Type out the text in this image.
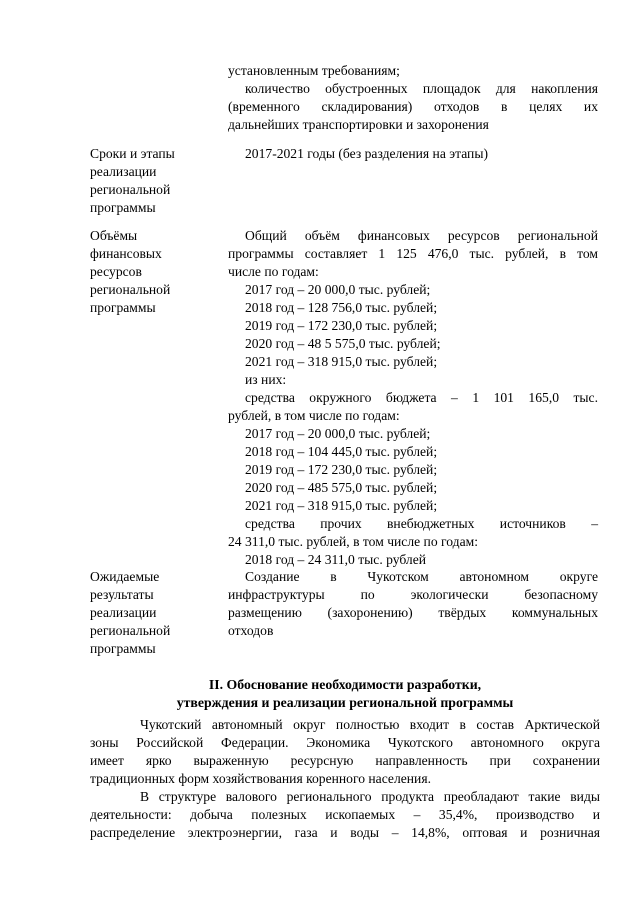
установленным требованиям;
количество обустроенных площадок для накопления
(временного складирования) отходов в целях их
дальнейших транспортировки и захоронения
Сроки и этапы
реализации
региональной
программы
2017-2021 годы (без разделения на этапы)
Объёмы
финансовых
ресурсов
региональной
программы
Общий объём финансовых ресурсов региональной
программы составляет 1 125 476,0 тыс. рублей, в том
числе по годам:
2017 год – 20 000,0 тыс. рублей;
2018 год – 128 756,0 тыс. рублей;
2019 год – 172 230,0 тыс. рублей;
2020 год – 48 5 575,0 тыс. рублей;
2021 год – 318 915,0 тыс. рублей;
из них:
средства окружного бюджета – 1 101 165,0 тыс.
рублей, в том числе по годам:
2017 год – 20 000,0 тыс. рублей;
2018 год – 104 445,0 тыс. рублей;
2019 год – 172 230,0 тыс. рублей;
2020 год – 485 575,0 тыс. рублей;
2021 год – 318 915,0 тыс. рублей;
средства прочих внебюджетных источников –
24 311,0 тыс. рублей, в том числе по годам:
2018 год – 24 311,0 тыс. рублей
Ожидаемые
результаты
реализации
региональной
программы
Создание в Чукотском автономном округе
инфраструктуры по экологически безопасному
размещению (захоронению) твёрдых коммунальных
отходов
II. Обоснование необходимости разработки,
утверждения и реализации региональной программы
Чукотский автономный округ полностью входит в состав Арктической
зоны Российской Федерации. Экономика Чукотского автономного округа
имеет ярко выраженную ресурсную направленность при сохранении
традиционных форм хозяйствования коренного населения.
В структуре валового регионального продукта преобладают такие виды
деятельности: добыча полезных ископаемых – 35,4%, производство и
распределение электроэнергии, газа и воды – 14,8%, оптовая и розничная
